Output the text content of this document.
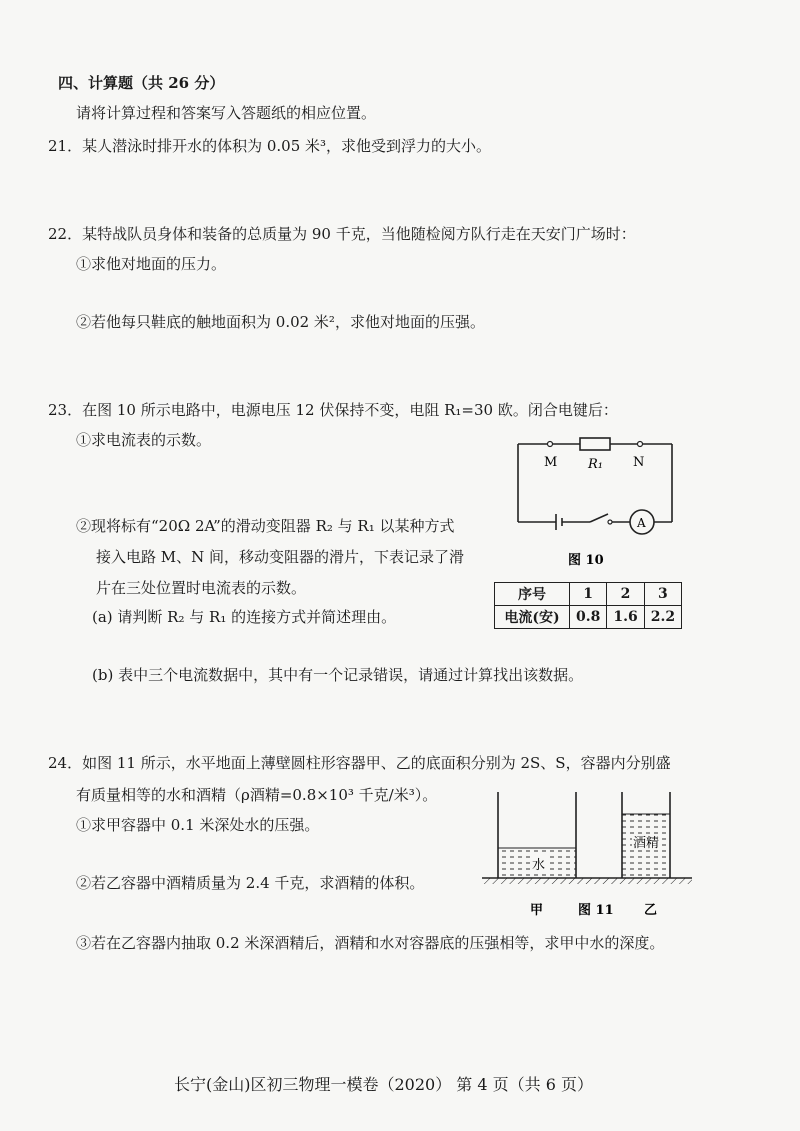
四、计算题（共 26 分）
请将计算过程和答案写入答题纸的相应位置。
21．某人潜泳时排开水的体积为 0.05 米³，求他受到浮力的大小。
22．某特战队员身体和装备的总质量为 90 千克，当他随检阅方队行走在天安门广场时：
①求他对地面的压力。
②若他每只鞋底的触地面积为 0.02 米²，求他对地面的压强。
23．在图 10 所示电路中，电源电压 12 伏保持不变，电阻 R₁=30 欧。闭合电键后：
①求电流表的示数。
②现将标有“20Ω 2A”的滑动变阻器 R₂ 与 R₁ 以某种方式
接入电路 M、N 间，移动变阻器的滑片，下表记录了滑
片在三处位置时电流表的示数。
(a) 请判断 R₂ 与 R₁ 的连接方式并简述理由。
(b) 表中三个电流数据中，其中有一个记录错误，请通过计算找出该数据。
M R₁ N
A
图 10
序号	1	2	3
电流(安)	0.8	1.6	2.2
24．如图 11 所示，水平地面上薄壁圆柱形容器甲、乙的底面积分别为 2S、S，容器内分别盛
有质量相等的水和酒精（ρ酒精=0.8×10³ 千克/米³）。
①求甲容器中 0.1 米深处水的压强。
②若乙容器中酒精质量为 2.4 千克，求酒精的体积。
③若在乙容器内抽取 0.2 米深酒精后，酒精和水对容器底的压强相等，求甲中水的深度。
水
酒精
甲	图 11 乙
长宁(金山)区初三物理一模卷（2020） 第 4 页（共 6 页）
